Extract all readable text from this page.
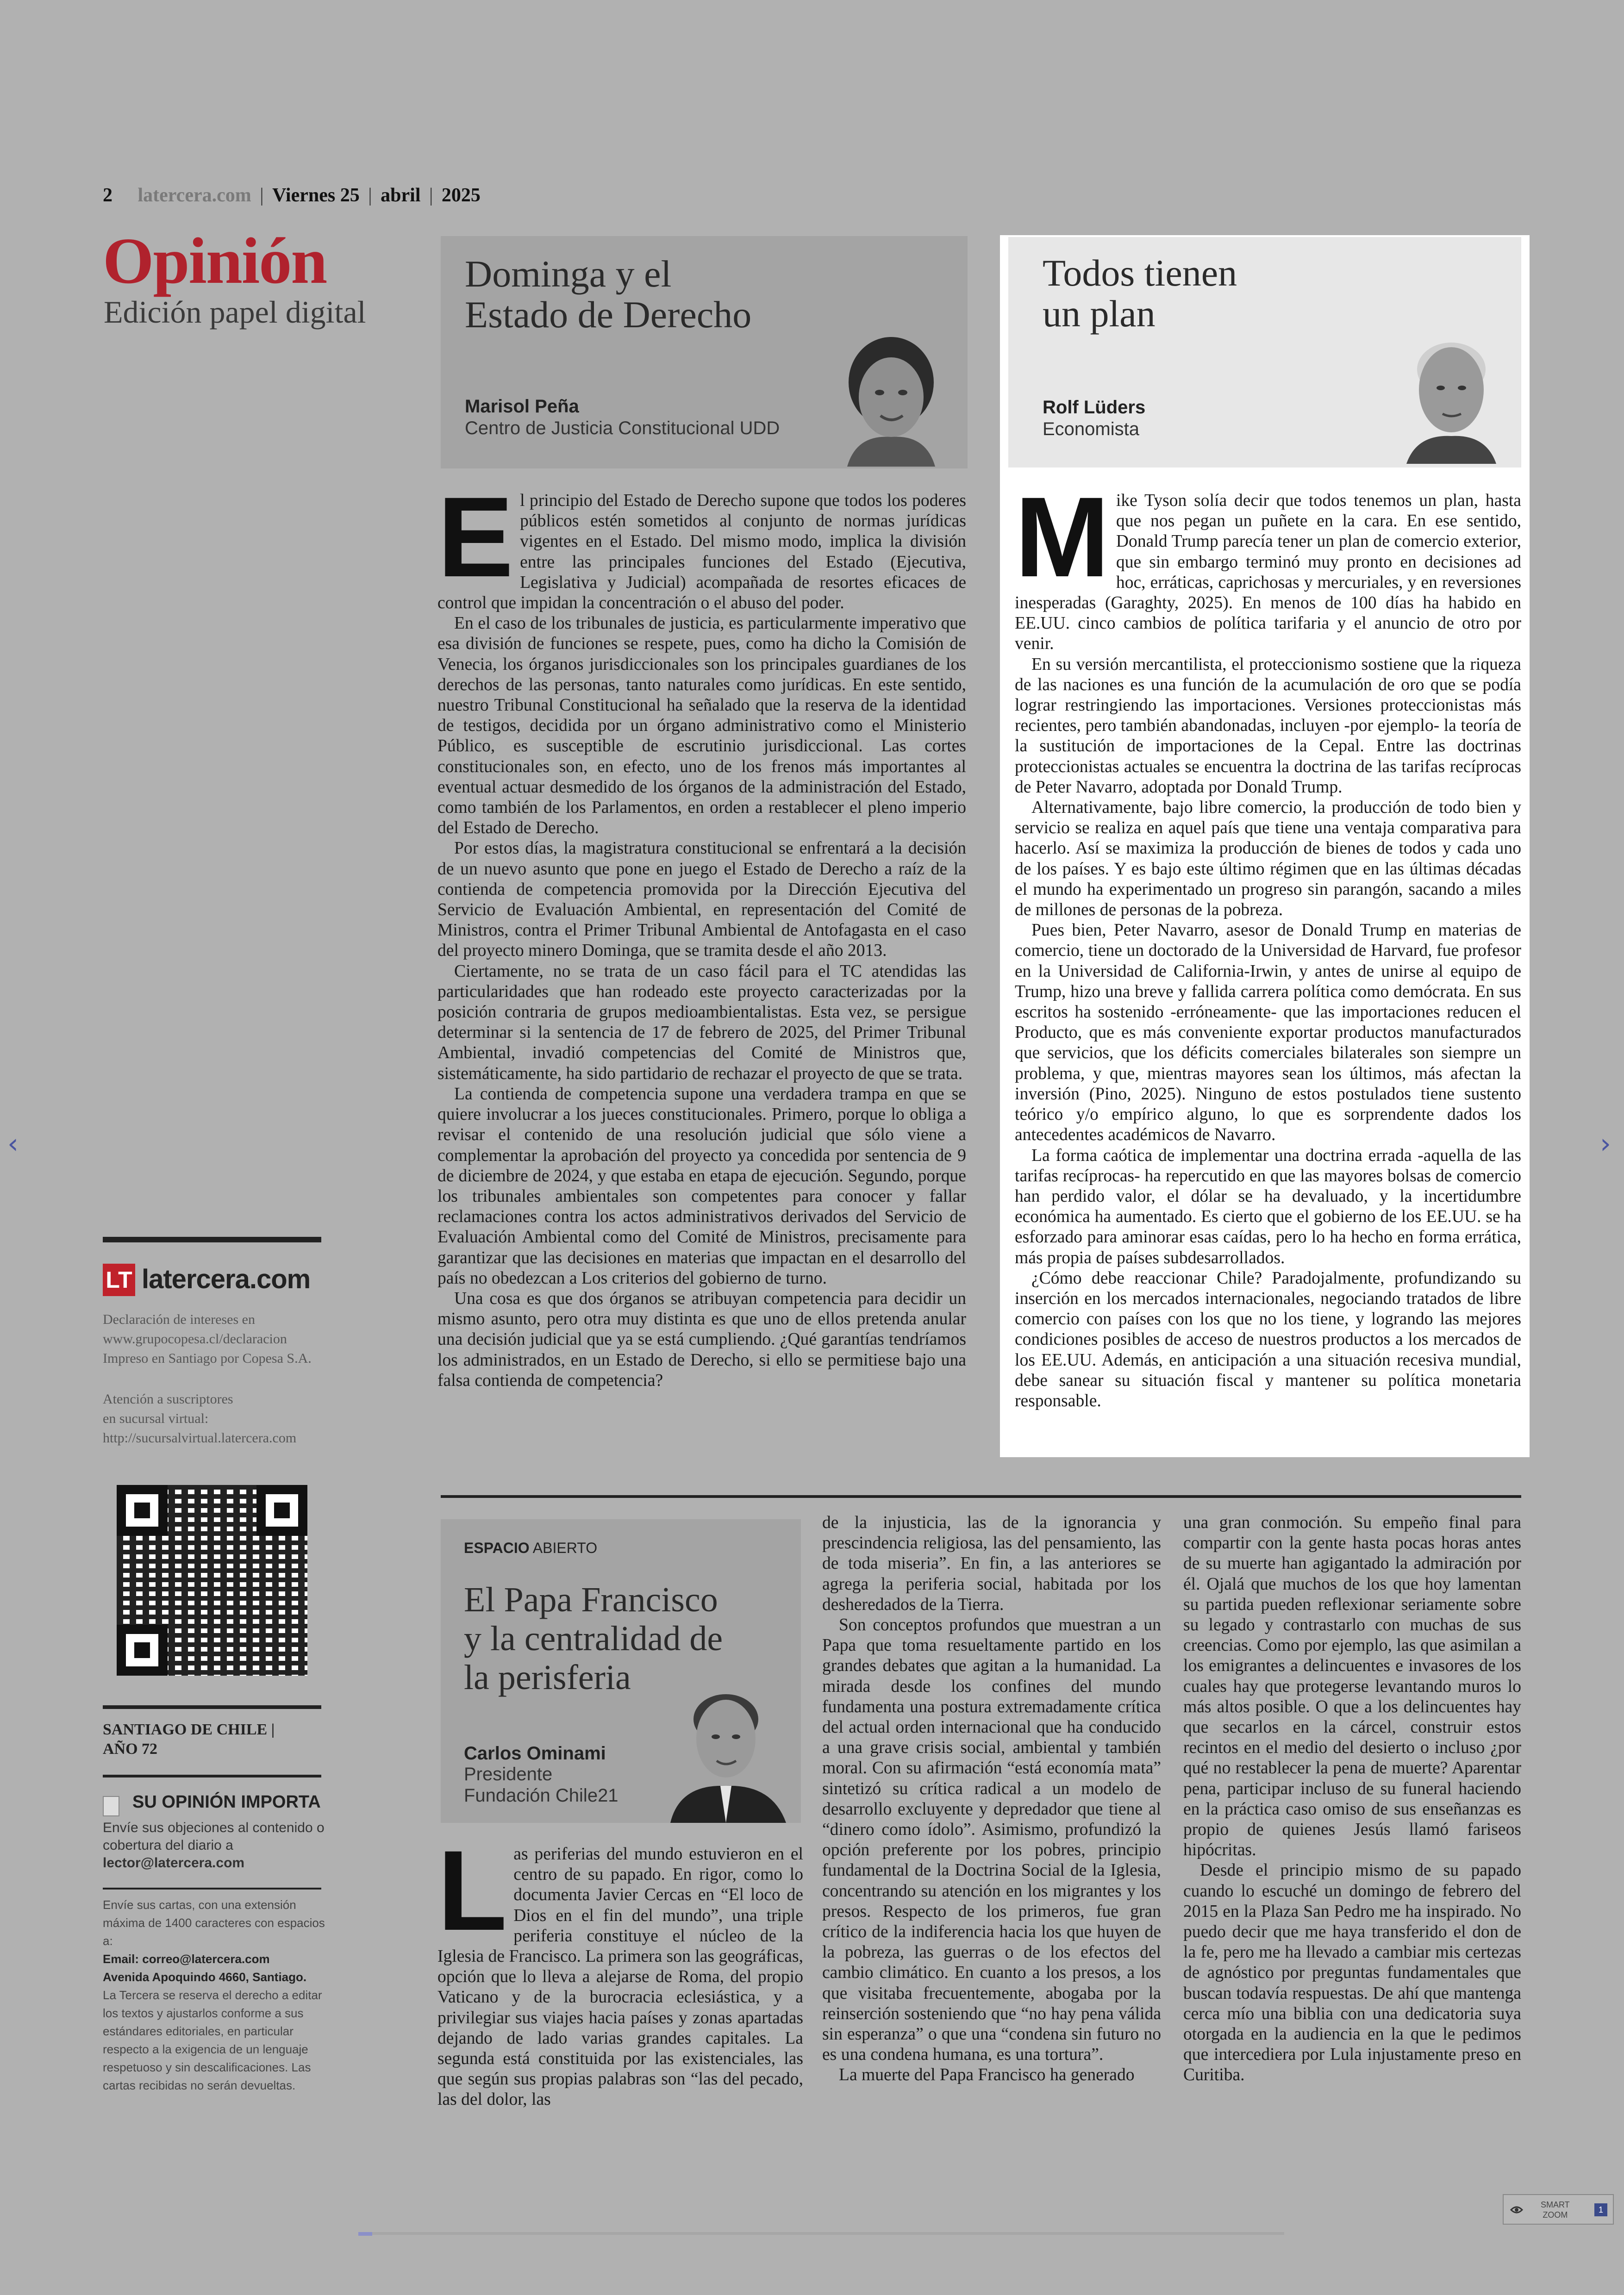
2 latercera.com | Viernes 25 | abril | 2025
Opinión
Edición papel digital
LT latercera.com
Declaración de intereses en
www.grupocopesa.cl/declaracion
Impreso en Santiago por Copesa S.A.
Atención a suscriptores
en sucursal virtual:
http://sucursalvirtual.latercera.com
SANTIAGO DE CHILE |
AÑO 72
SU OPINIÓN IMPORTA
Envíe sus objeciones al contenido o cobertura del diario a lector@latercera.com
Envíe sus cartas, con una extensión máxima de 1400 caracteres con espacios a:
Email: correo@latercera.com
Avenida Apoquindo 4660, Santiago.
La Tercera se reserva el derecho a editar los textos y ajustarlos conforme a sus estándares editoriales, en particular respecto a la exigencia de un lenguaje respetuoso y sin descalificaciones. Las cartas recibidas no serán devueltas.
Dominga y el
Estado de Derecho
Marisol Peña
Centro de Justicia Constitucional UDD

El principio del Estado de Derecho supone que todos los poderes públicos estén sometidos al conjunto de normas jurídicas vigentes en el Estado. Del mismo modo, implica la división entre las principales funciones del Estado (Ejecutiva, Legislativa y Judicial) acompañada de resortes eficaces de control que impidan la concentración o el abuso del poder.

En el caso de los tribunales de justicia, es particularmente imperativo que esa división de funciones se respete, pues, como ha dicho la Comisión de Venecia, los órganos jurisdiccionales son los principales guardianes de los derechos de las personas, tanto naturales como jurídicas. En este sentido, nuestro Tribunal Constitucional ha señalado que la reserva de la identidad de testigos, decidida por un órgano administrativo como el Ministerio Público, es susceptible de escrutinio jurisdiccional. Las cortes constitucionales son, en efecto, uno de los frenos más importantes al eventual actuar desmedido de los órganos de la administración del Estado, como también de los Parlamentos, en orden a restablecer el pleno imperio del Estado de Derecho.

Por estos días, la magistratura constitucional se enfrentará a la decisión de un nuevo asunto que pone en juego el Estado de Derecho a raíz de la contienda de competencia promovida por la Dirección Ejecutiva del Servicio de Evaluación Ambiental, en representación del Comité de Ministros, contra el Primer Tribunal Ambiental de Antofagasta en el caso del proyecto minero Dominga, que se tramita desde el año 2013.

Ciertamente, no se trata de un caso fácil para el TC atendidas las particularidades que han rodeado este proyecto caracterizadas por la posición contraria de grupos medioambientalistas. Esta vez, se persigue determinar si la sentencia de 17 de febrero de 2025, del Primer Tribunal Ambiental, invadió competencias del Comité de Ministros que, sistemáticamente, ha sido partidario de rechazar el proyecto de que se trata.

La contienda de competencia supone una verdadera trampa en que se quiere involucrar a los jueces constitucionales. Primero, porque lo obliga a revisar el contenido de una resolución judicial que sólo viene a complementar la aprobación del proyecto ya concedida por sentencia de 9 de diciembre de 2024, y que estaba en etapa de ejecución. Segundo, porque los tribunales ambientales son competentes para conocer y fallar reclamaciones contra los actos administrativos derivados del Servicio de Evaluación Ambiental como del Comité de Ministros, precisamente para garantizar que las decisiones en materias que impactan en el desarrollo del país no obedezcan a Los criterios del gobierno de turno.

Una cosa es que dos órganos se atribuyan competencia para decidir un mismo asunto, pero otra muy distinta es que uno de ellos pretenda anular una decisión judicial que ya se está cumpliendo. ¿Qué garantías tendríamos los administrados, en un Estado de Derecho, si ello se permitiese bajo una falsa contienda de competencia?

Todos tienen
un plan
Rolf Lüders
Economista

Mike Tyson solía decir que todos tenemos un plan, hasta que nos pegan un puñete en la cara. En ese sentido, Donald Trump parecía tener un plan de comercio exterior, que sin embargo terminó muy pronto en decisiones ad hoc, erráticas, caprichosas y mercuriales, y en reversiones inesperadas (Garaghty, 2025). En menos de 100 días ha habido en EE.UU. cinco cambios de política tarifaria y el anuncio de otro por venir.

En su versión mercantilista, el proteccionismo sostiene que la riqueza de las naciones es una función de la acumulación de oro que se podía lograr restringiendo las importaciones. Versiones proteccionistas más recientes, pero también abandonadas, incluyen -por ejemplo- la teoría de la sustitución de importaciones de la Cepal. Entre las doctrinas proteccionistas actuales se encuentra la doctrina de las tarifas recíprocas de Peter Navarro, adoptada por Donald Trump.

Alternativamente, bajo libre comercio, la producción de todo bien y servicio se realiza en aquel país que tiene una ventaja comparativa para hacerlo. Así se maximiza la producción de bienes de todos y cada uno de los países. Y es bajo este último régimen que en las últimas décadas el mundo ha experimentado un progreso sin parangón, sacando a miles de millones de personas de la pobreza.

Pues bien, Peter Navarro, asesor de Donald Trump en materias de comercio, tiene un doctorado de la Universidad de Harvard, fue profesor en la Universidad de California-Irwin, y antes de unirse al equipo de Trump, hizo una breve y fallida carrera política como demócrata. En sus escritos ha sostenido -erróneamente- que las importaciones reducen el Producto, que es más conveniente exportar productos manufacturados que servicios, que los déficits comerciales bilaterales son siempre un problema, y que, mientras mayores sean los últimos, más afectan la inversión (Pino, 2025). Ninguno de estos postulados tiene sustento teórico y/o empírico alguno, lo que es sorprendente dados los antecedentes académicos de Navarro.

La forma caótica de implementar una doctrina errada -aquella de las tarifas recíprocas- ha repercutido en que las mayores bolsas de comercio han perdido valor, el dólar se ha devaluado, y la incertidumbre económica ha aumentado. Es cierto que el gobierno de los EE.UU. se ha esforzado para aminorar esas caídas, pero lo ha hecho en forma errática, más propia de países subdesarrollados.

¿Cómo debe reaccionar Chile? Paradojalmente, profundizando su inserción en los mercados internacionales, negociando tratados de libre comercio con países con los que no los tiene, y logrando las mejores condiciones posibles de acceso de nuestros productos a los mercados de los EE.UU. Además, en anticipación a una situación recesiva mundial, debe sanear su situación fiscal y mantener su política monetaria responsable.

ESPACIO ABIERTO
El Papa Francisco
y la centralidad de
la perisferia
Carlos Ominami
Presidente
Fundación Chile21

Las periferias del mundo estuvieron en el centro de su papado. En rigor, como lo documenta Javier Cercas en “El loco de Dios en el fin del mundo”, una triple periferia constituye el núcleo de la Iglesia de Francisco. La primera son las geográficas, opción que lo lleva a alejarse de Roma, del propio Vaticano y de la burocracia eclesiástica, y a privilegiar sus viajes hacia países y zonas apartadas dejando de lado varias grandes capitales. La segunda está constituida por las existenciales, las que según sus propias palabras son “las del pecado, las del dolor, las

de la injusticia, las de la ignorancia y prescindencia religiosa, las del pensamiento, las de toda miseria”. En fin, a las anteriores se agrega la periferia social, habitada por los desheredados de la Tierra.

Son conceptos profundos que muestran a un Papa que toma resueltamente partido en los grandes debates que agitan a la humanidad. La mirada desde los confines del mundo fundamenta una postura extremadamente crítica del actual orden internacional que ha conducido a una grave crisis social, ambiental y también moral. Con su afirmación “está economía mata” sintetizó su crítica radical a un modelo de desarrollo excluyente y depredador que tiene al “dinero como ídolo”. Asimismo, profundizó la opción preferente por los pobres, principio fundamental de la Doctrina Social de la Iglesia, concentrando su atención en los migrantes y los presos. Respecto de los primeros, fue gran crítico de la indiferencia hacia los que huyen de la pobreza, las guerras o de los efectos del cambio climático. En cuanto a los presos, a los que visitaba frecuentemente, abogaba por la reinserción sosteniendo que “no hay pena válida sin esperanza” o que una “condena sin futuro no es una condena humana, es una tortura”.

La muerte del Papa Francisco ha generado

una gran conmoción. Su empeño final para compartir con la gente hasta pocas horas antes de su muerte han agigantado la admiración por él. Ojalá que muchos de los que hoy lamentan su partida pueden reflexionar seriamente sobre su legado y contrastarlo con muchas de sus creencias. Como por ejemplo, las que asimilan a los emigrantes a delincuentes e invasores de los cuales hay que protegerse levantando muros lo más altos posible. O que a los delincuentes hay que secarlos en la cárcel, construir estos recintos en el medio del desierto o incluso ¿por qué no restablecer la pena de muerte? Aparentar pena, participar incluso de su funeral haciendo en la práctica caso omiso de sus enseñanzas es propio de quienes Jesús llamó fariseos hipócritas.

Desde el principio mismo de su papado cuando lo escuché un domingo de febrero del 2015 en la Plaza San Pedro me ha inspirado. No puedo decir que me haya transferido el don de la fe, pero me ha llevado a cambiar mis certezas de agnóstico por preguntas fundamentales que buscan todavía respuestas. De ahí que mantenga cerca mío una biblia con una dedicatoria suya otorgada en la audiencia en la que le pedimos que intercediera por Lula injustamente preso en Curitiba.

‹	›
SMART
ZOOM
1
